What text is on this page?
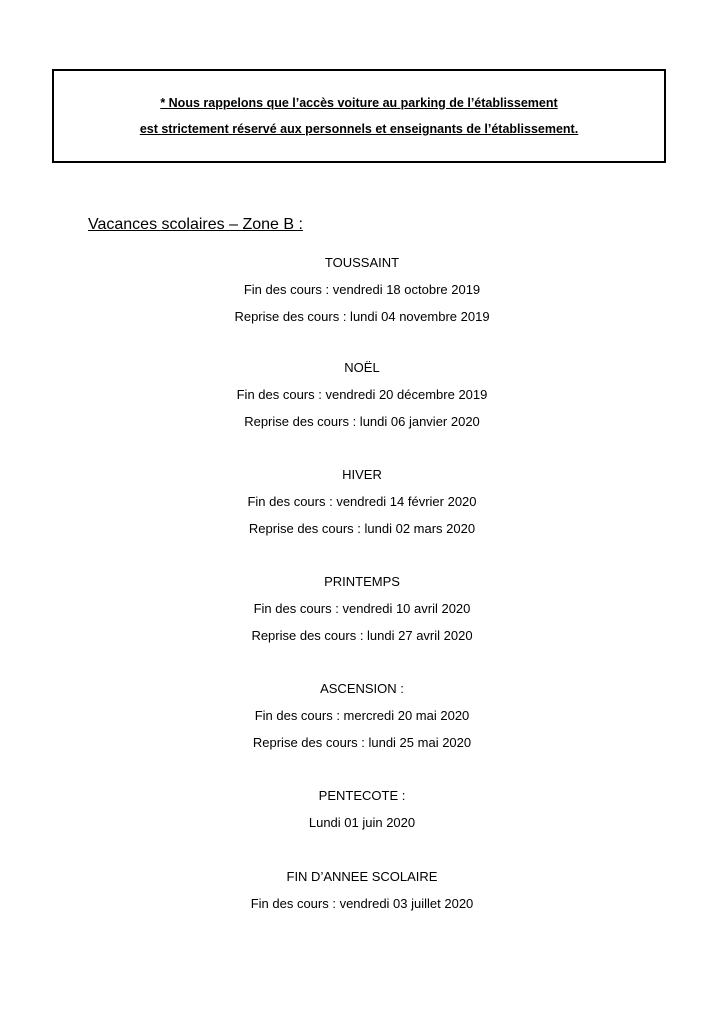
* Nous rappelons que l’accès voiture au parking de l’établissement
est strictement réservé aux personnels et enseignants de l’établissement.
Vacances scolaires – Zone B :
TOUSSAINT
Fin des cours : vendredi 18 octobre 2019
Reprise des cours : lundi 04 novembre 2019
NOËL
Fin des cours : vendredi 20 décembre 2019
Reprise des cours : lundi 06 janvier 2020
HIVER
Fin des cours : vendredi 14 février 2020
Reprise des cours : lundi 02 mars 2020
PRINTEMPS
Fin des cours : vendredi 10 avril 2020
Reprise des cours : lundi 27 avril 2020
ASCENSION :
Fin des cours : mercredi 20 mai 2020
Reprise des cours : lundi 25 mai 2020
PENTECOTE :
Lundi 01 juin 2020
FIN D’ANNEE SCOLAIRE
Fin des cours : vendredi 03 juillet 2020
